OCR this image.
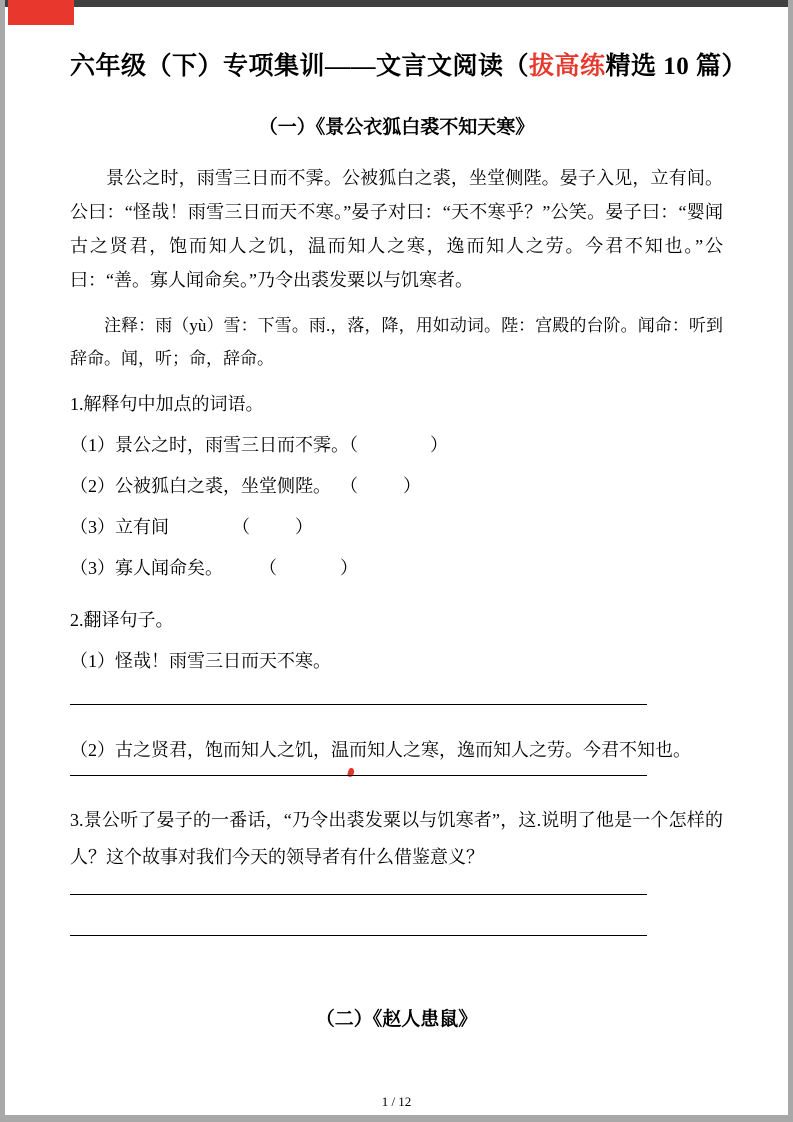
六年级（下）专项集训——文言文阅读（拔高练精选 10 篇）
（一）《景公衣狐白裘不知天寒》

景公之时，雨雪三日而不霁。公被狐白之裘，坐堂侧陛。晏子入见，立有间。公曰：“怪哉！雨雪三日而天不寒。”晏子对曰：“天不寒乎？”公笑。晏子曰：“婴闻古之贤君，饱而知人之饥，温而知人之寒，逸而知人之劳。今君不知也。”公曰：“善。寡人闻命矣。”乃令出裘发粟以与饥寒者。

注释：雨（yù）雪：下雪。雨.，落，降，用如动词。陛：宫殿的台阶。闻命：听到辞命。闻，听；命，辞命。

1.解释句中加点的词语。

（1）景公之时，雨雪三日而不霁。（                ）

（2）公被狐白之裘，坐堂侧陛。  （          ）

（3）立有间              （          ）

（3）寡人闻命矣。        （              ）

2.翻译句子。

（1）怪哉！雨雪三日而天不寒。

（2）古之贤君，饱而知人之饥，温而知人之寒，逸而知人之劳。今君不知也。

3.景公听了晏子的一番话，“乃令出裘发粟以与饥寒者”，这.说明了他是一个怎样的人？这个故事对我们今天的领导者有什么借鉴意义？

（二）《赵人患鼠》
1 / 12
